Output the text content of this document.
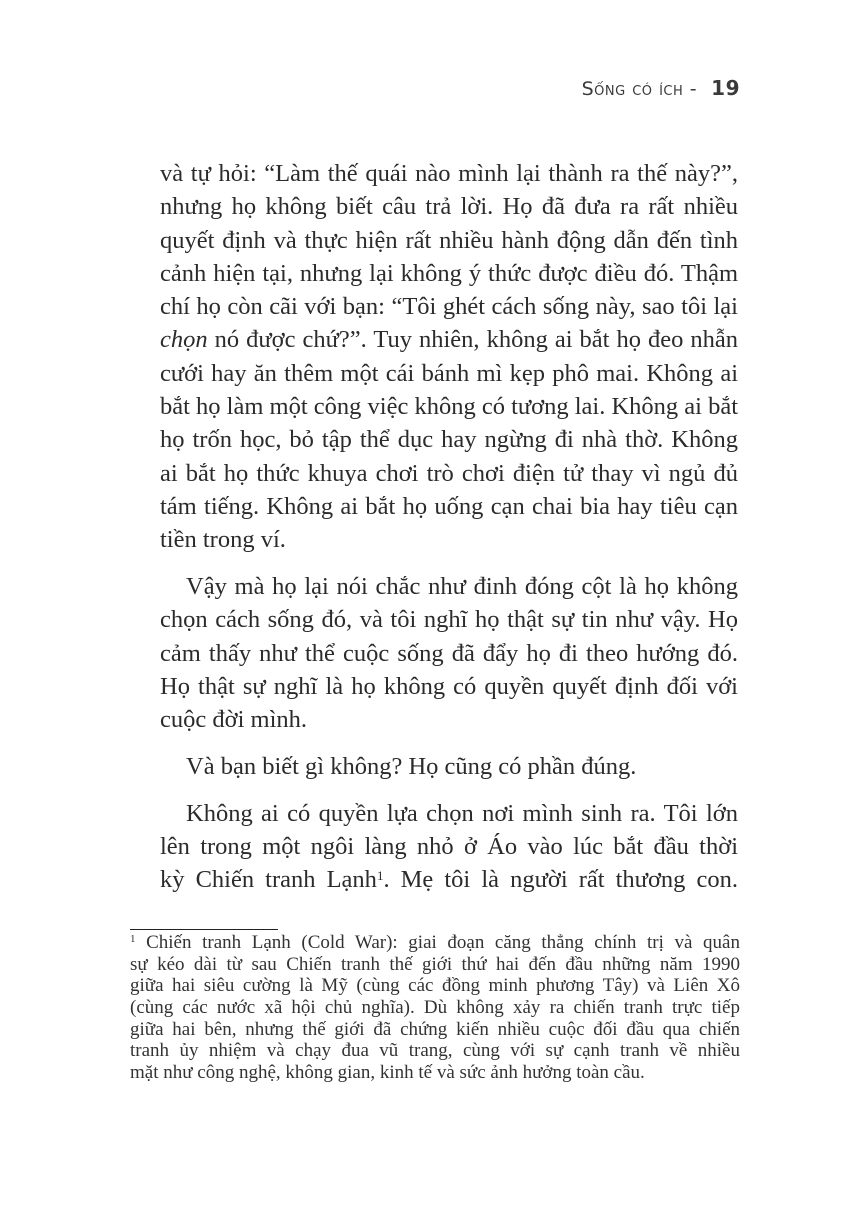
Sống có ích - 19
và tự hỏi: “Làm thế quái nào mình lại thành ra thế này?”,
nhưng họ không biết câu trả lời. Họ đã đưa ra rất nhiều
quyết định và thực hiện rất nhiều hành động dẫn đến tình
cảnh hiện tại, nhưng lại không ý thức được điều đó. Thậm
chí họ còn cãi với bạn: “Tôi ghét cách sống này, sao tôi lại
chọn nó được chứ?”. Tuy nhiên, không ai bắt họ đeo nhẫn
cưới hay ăn thêm một cái bánh mì kẹp phô mai. Không ai
bắt họ làm một công việc không có tương lai. Không ai bắt
họ trốn học, bỏ tập thể dục hay ngừng đi nhà thờ. Không
ai bắt họ thức khuya chơi trò chơi điện tử thay vì ngủ đủ
tám tiếng. Không ai bắt họ uống cạn chai bia hay tiêu cạn
tiền trong ví.
Vậy mà họ lại nói chắc như đinh đóng cột là họ không
chọn cách sống đó, và tôi nghĩ họ thật sự tin như vậy. Họ
cảm thấy như thể cuộc sống đã đẩy họ đi theo hướng đó.
Họ thật sự nghĩ là họ không có quyền quyết định đối với
cuộc đời mình.
Và bạn biết gì không? Họ cũng có phần đúng.
Không ai có quyền lựa chọn nơi mình sinh ra. Tôi lớn
lên trong một ngôi làng nhỏ ở Áo vào lúc bắt đầu thời
kỳ Chiến tranh Lạnh$^1$. Mẹ tôi là người rất thương con.
$^1$ Chiến tranh Lạnh (Cold War): giai đoạn căng thẳng chính trị và quân
sự kéo dài từ sau Chiến tranh thế giới thứ hai đến đầu những năm 1990
giữa hai siêu cường là Mỹ (cùng các đồng minh phương Tây) và Liên Xô
(cùng các nước xã hội chủ nghĩa). Dù không xảy ra chiến tranh trực tiếp
giữa hai bên, nhưng thế giới đã chứng kiến nhiều cuộc đối đầu qua chiến
tranh ủy nhiệm và chạy đua vũ trang, cùng với sự cạnh tranh về nhiều
mặt như công nghệ, không gian, kinh tế và sức ảnh hưởng toàn cầu.
